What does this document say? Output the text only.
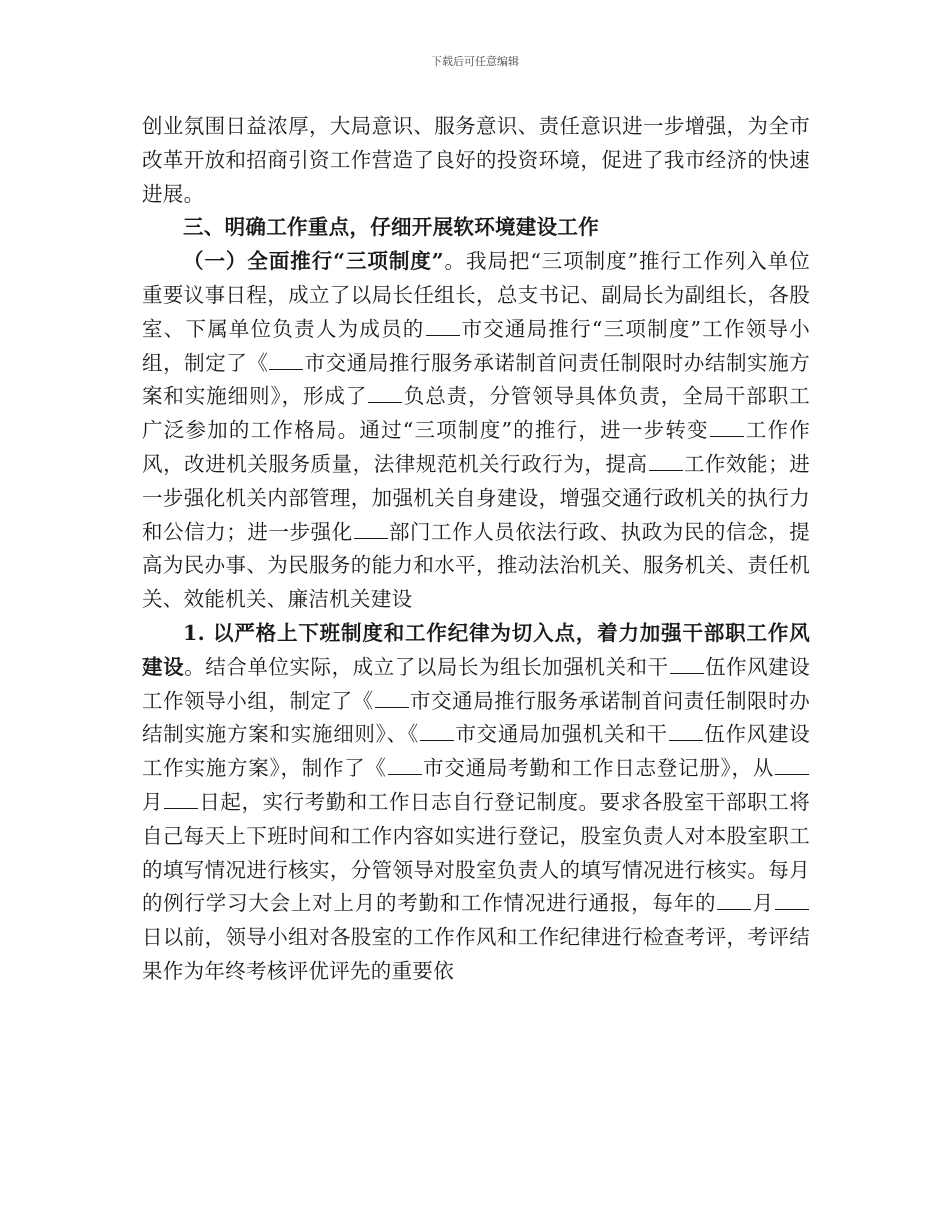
下载后可任意编辑

创业氛围日益浓厚，大局意识、服务意识、责任意识进一步增强，为全市改革开放和招商引资工作营造了良好的投资环境，促进了我市经济的快速进展。

三、明确工作重点，仔细开展软环境建设工作

（一）全面推行“三项制度”。我局把“三项制度”推行工作列入单位重要议事日程，成立了以局长任组长，总支书记、副局长为副组长，各股室、下属单位负责人为成员的 市交通局推行“三项制度”工作领导小组，制定了《 市交通局推行服务承诺制首问责任制限时办结制实施方案和实施细则》，形成了 负总责，分管领导具体负责，全局干部职工广泛参加的工作格局。通过“三项制度”的推行，进一步转变 工作作风，改进机关服务质量，法律规范机关行政行为，提高 工作效能；进一步强化机关内部管理，加强机关自身建设，增强交通行政机关的执行力和公信力；进一步强化 部门工作人员依法行政、执政为民的信念，提高为民办事、为民服务的能力和水平，推动法治机关、服务机关、责任机关、效能机关、廉洁机关建设

1. 以严格上下班制度和工作纪律为切入点，着力加强干部职工作风建设。结合单位实际，成立了以局长为组长加强机关和干 伍作风建设工作领导小组，制定了《 市交通局推行服务承诺制首问责任制限时办结制实施方案和实施细则》、《 市交通局加强机关和干 伍作风建设工作实施方案》，制作了《 市交通局考勤和工作日志登记册》，从月 日起，实行考勤和工作日志自行登记制度。要求各股室干部职工将自己每天上下班时间和工作内容如实进行登记，股室负责人对本股室职工的填写情况进行核实，分管领导对股室负责人的填写情况进行核实。每月的例行学习大会上对上月的考勤和工作情况进行通报，每年的 月日以前，领导小组对各股室的工作作风和工作纪律进行检查考评，考评结果作为年终考核评优评先的重要依
